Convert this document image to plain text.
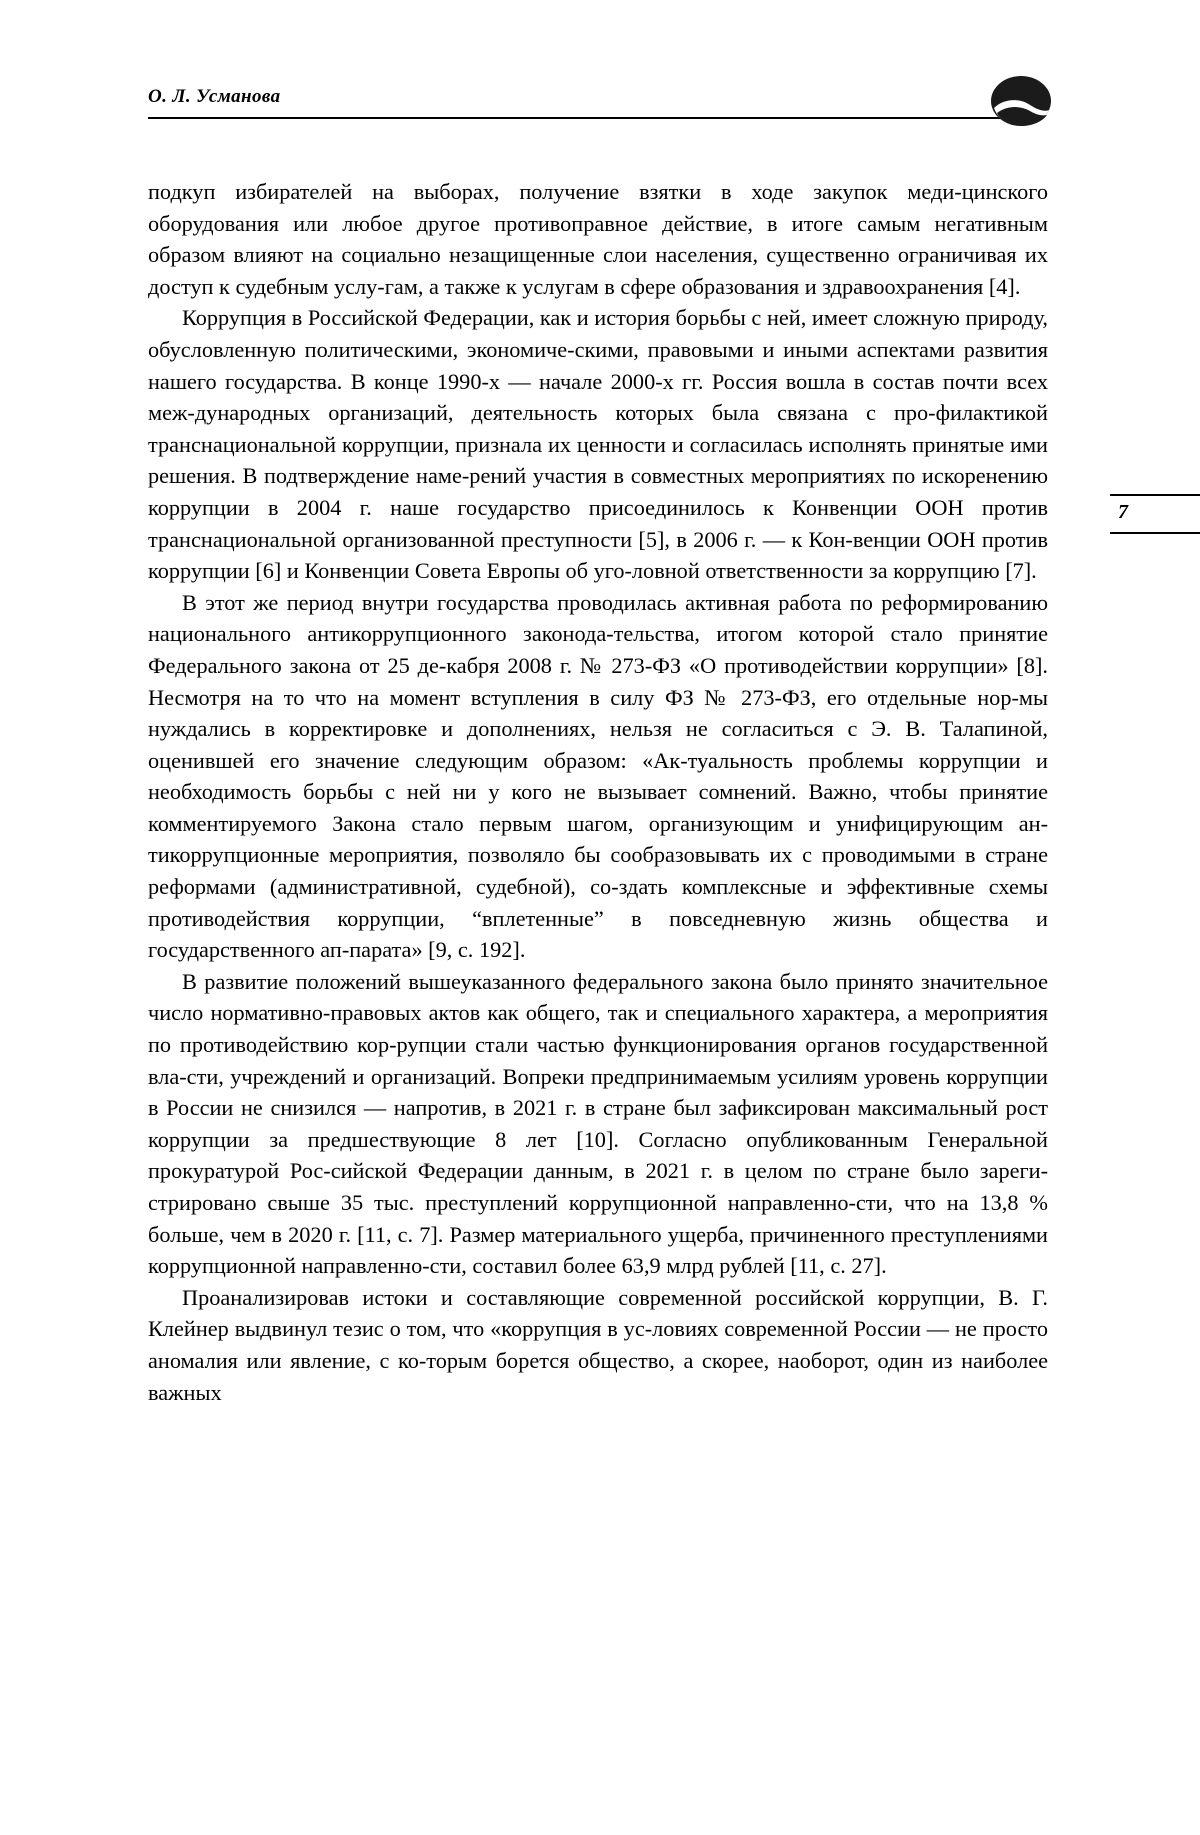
О. Л. Усманова
7

подкуп избирателей на выборах, получение взятки в ходе закупок меди-цинского оборудования или любое другое противоправное действие, в итоге самым негативным образом влияют на социально незащищенные слои населения, существенно ограничивая их доступ к судебным услу-гам, а также к услугам в сфере образования и здравоохранения [4].

Коррупция в Российской Федерации, как и история борьбы с ней, имеет сложную природу, обусловленную политическими, экономиче-скими, правовыми и иными аспектами развития нашего государства. В конце 1990-х — начале 2000-х гг. Россия вошла в состав почти всех меж-дународных организаций, деятельность которых была связана с про-филактикой транснациональной коррупции, признала их ценности и согласилась исполнять принятые ими решения. В подтверждение наме-рений участия в совместных мероприятиях по искоренению коррупции в 2004 г. наше государство присоединилось к Конвенции ООН против транснациональной организованной преступности [5], в 2006 г. — к Кон-венции ООН против коррупции [6] и Конвенции Совета Европы об уго-ловной ответственности за коррупцию [7].

В этот же период внутри государства проводилась активная работа по реформированию национального антикоррупционного законода-тельства, итогом которой стало принятие Федерального закона от 25 де-кабря 2008 г. № 273-ФЗ «О противодействии коррупции» [8]. Несмотря на то что на момент вступления в силу ФЗ № 273-ФЗ, его отдельные нор-мы нуждались в корректировке и дополнениях, нельзя не согласиться с Э. В. Талапиной, оценившей его значение следующим образом: «Ак-туальность проблемы коррупции и необходимость борьбы с ней ни у кого не вызывает сомнений. Важно, чтобы принятие комментируемого Закона стало первым шагом, организующим и унифицирующим ан-тикоррупционные мероприятия, позволяло бы сообразовывать их с проводимыми в стране реформами (административной, судебной), со-здать комплексные и эффективные схемы противодействия коррупции, “вплетенные” в повседневную жизнь общества и государственного ап-парата» [9, с. 192].

В развитие положений вышеуказанного федерального закона было принято значительное число нормативно-правовых актов как общего, так и специального характера, а мероприятия по противодействию кор-рупции стали частью функционирования органов государственной вла-сти, учреждений и организаций. Вопреки предпринимаемым усилиям уровень коррупции в России не снизился — напротив, в 2021 г. в стране был зафиксирован максимальный рост коррупции за предшествующие 8 лет [10]. Согласно опубликованным Генеральной прокуратурой Рос-сийской Федерации данным, в 2021 г. в целом по стране было зареги-стрировано свыше 35 тыс. преступлений коррупционной направленно-сти, что на 13,8 % больше, чем в 2020 г. [11, с. 7]. Размер материального ущерба, причиненного преступлениями коррупционной направленно-сти, составил более 63,9 млрд рублей [11, с. 27].

Проанализировав истоки и составляющие современной российской коррупции, В. Г. Клейнер выдвинул тезис о том, что «коррупция в ус-ловиях современной России — не просто аномалия или явление, с ко-торым борется общество, а скорее, наоборот, один из наиболее важных
